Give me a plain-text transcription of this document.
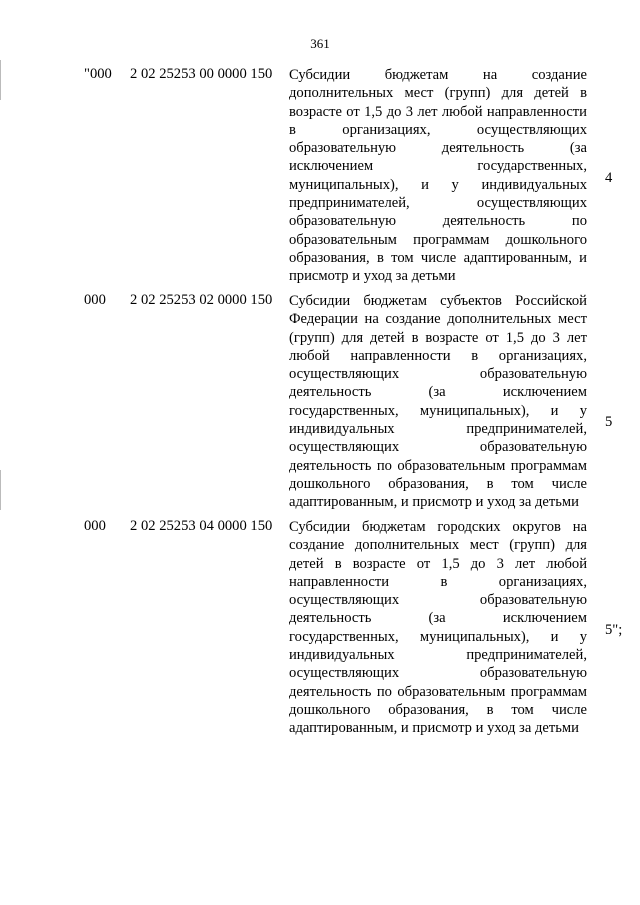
361
"000 2 02 25253 00 0000 150 Субсидии бюджетам на создание дополнительных мест (групп) для детей в возрасте от 1,5 до 3 лет любой направленности в организациях, осуществляющих образовательную деятельность (за исключением государственных, муниципальных), и у индивидуальных предпринимателей, осуществляющих образовательную деятельность по образовательным программам дошкольного образования, в том числе адаптированным, и присмотр и уход за детьми
4
000 2 02 25253 02 0000 150 Субсидии бюджетам субъектов Российской Федерации на создание дополнительных мест (групп) для детей в возрасте от 1,5 до 3 лет любой направленности в организациях, осуществляющих образовательную деятельность (за исключением государственных, муниципальных), и у индивидуальных предпринимателей, осуществляющих образовательную деятельность по образовательным программам дошкольного образования, в том числе адаптированным, и присмотр и уход за детьми
5
000 2 02 25253 04 0000 150 Субсидии бюджетам городских округов на создание дополнительных мест (групп) для детей в возрасте от 1,5 до 3 лет любой направленности в организациях, осуществляющих образовательную деятельность (за исключением государственных, муниципальных), и у индивидуальных предпринимателей, осуществляющих образовательную деятельность по образовательным программам дошкольного образования, в том числе адаптированным, и присмотр и уход за детьми
5";
